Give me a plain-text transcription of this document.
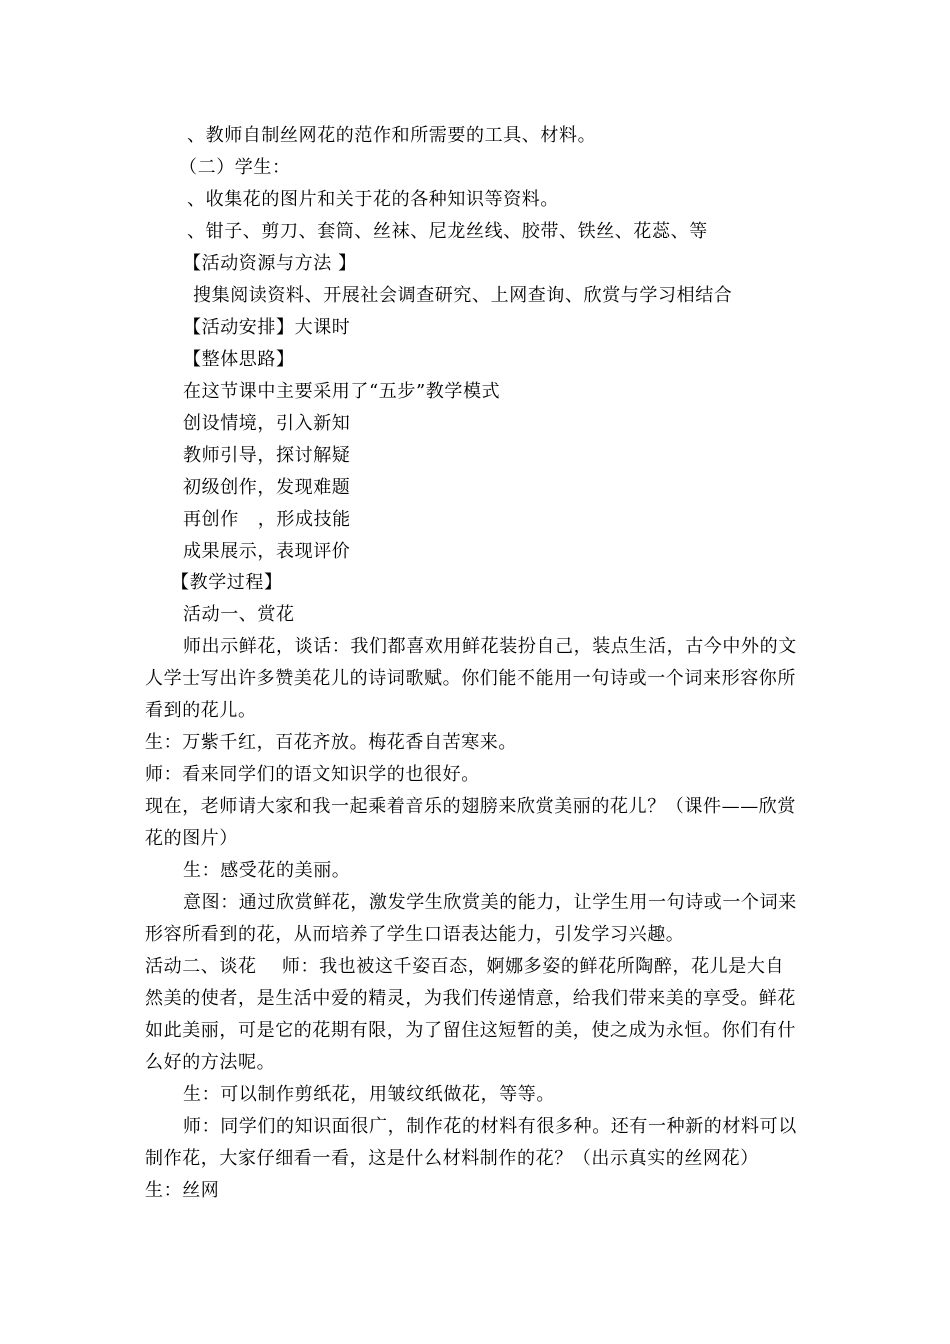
、教师自制丝网花的范作和所需要的工具、材料。
（二）学生：
、收集花的图片和关于花的各种知识等资料。
、钳子、剪刀、套筒、丝袜、尼龙丝线、胶带、铁丝、花蕊、等
【活动资源与方法 】
搜集阅读资料、开展社会调查研究、上网查询、欣赏与学习相结合
【活动安排】大课时
【整体思路】
在这节课中主要采用了“五步”教学模式
创设情境，引入新知
教师引导，探讨解疑
初级创作，发现难题
再创作   ，形成技能
成果展示，表现评价
【教学过程】
活动一、赏花
师出示鲜花，谈话：我们都喜欢用鲜花装扮自己，装点生活，古今中外的文
人学士写出许多赞美花儿的诗词歌赋。你们能不能用一句诗或一个词来形容你所
看到的花儿。
生：万紫千红，百花齐放。梅花香自苦寒来。
师：看来同学们的语文知识学的也很好。
现在，老师请大家和我一起乘着音乐的翅膀来欣赏美丽的花儿？（课件——欣赏
花的图片）
生：感受花的美丽。
意图：通过欣赏鲜花，激发学生欣赏美的能力，让学生用一句诗或一个词来
形容所看到的花，从而培养了学生口语表达能力，引发学习兴趣。
活动二、谈花    师：我也被这千姿百态，婀娜多姿的鲜花所陶醉，花儿是大自
然美的使者，是生活中爱的精灵，为我们传递情意，给我们带来美的享受。鲜花
如此美丽，可是它的花期有限，为了留住这短暂的美，使之成为永恒。你们有什
么好的方法呢。
生：可以制作剪纸花，用皱纹纸做花，等等。
师：同学们的知识面很广，制作花的材料有很多种。还有一种新的材料可以
制作花，大家仔细看一看，这是什么材料制作的花？（出示真实的丝网花）
生：丝网
